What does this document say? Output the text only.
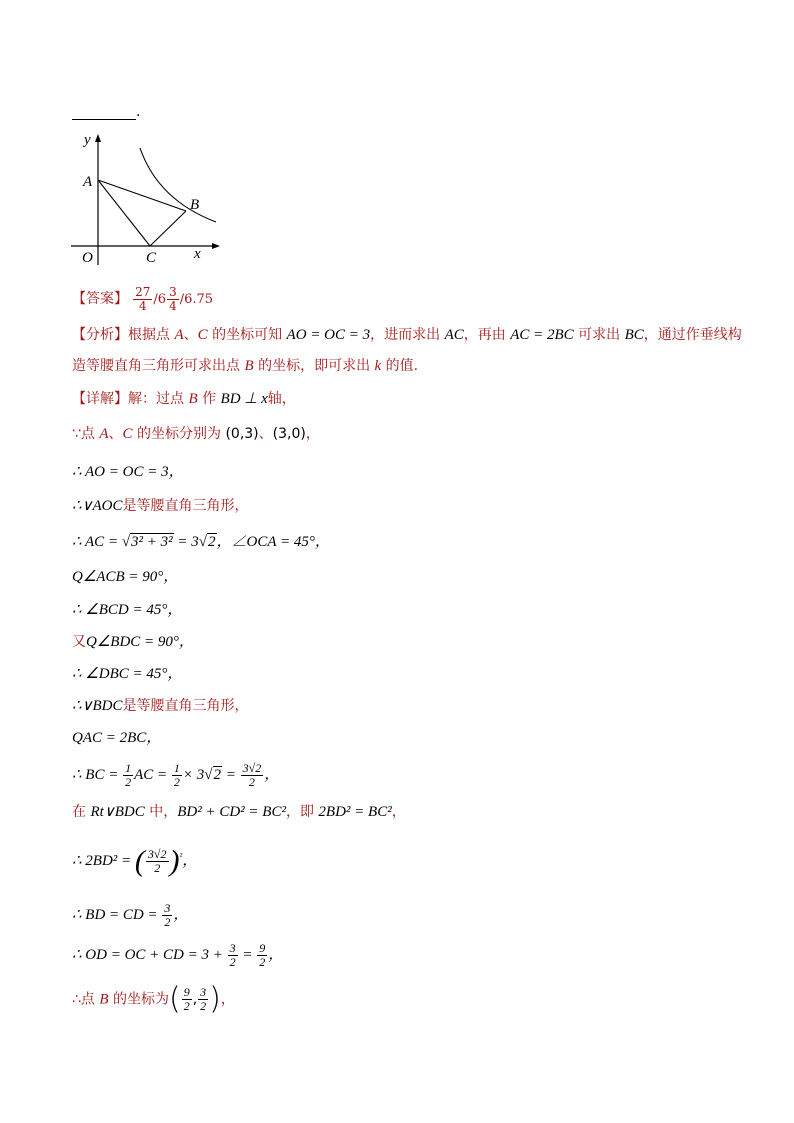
.
y
A
B
O	C	x
【答案】 $\frac{27}{4} /6 \frac{3}{4} /6.75$
【分析】根据点 A、C 的坐标可知 AO = OC = 3，进而求出 AC，再由 AC = 2BC 可求出 BC，通过作垂线构
造等腰直角三角形可求出点 B 的坐标，即可求出 k 的值.
【详解】解：过点 B 作 BD ⊥ x轴，
∵点 A、C 的坐标分别为 (0,3)、(3,0)，
∴ AO = OC = 3，
∴∨AOC是等腰直角三角形，
∴ AC = √3² + 3² = 3√2，∠OCA = 45°，
Q∠ACB = 90°，
∴ ∠BCD = 45°，
又Q∠BDC = 90°，
∴ ∠DBC = 45°，
∴∨BDC是等腰直角三角形，
QAC = 2BC，
∴ BC = $\frac{1}{2}$ AC = $\frac{1}{2} \times 3√2 = \frac{3√2}{2}$ ，
在 Rt∨BDC 中，BD² + CD² = BC²，即 2BD² = BC²，
∴ 2BD² = ( $\frac{3√2}{2} )^{^2}$，
∴ BD = CD = $\frac{3}{2}$ ，
∴ OD = OC + CD = $3 + \frac{3}{2} = \frac{9}{2}$ ，
∴点 B 的坐标为( $\frac{9}{2}$ , $\frac{3}{2}$ )，
